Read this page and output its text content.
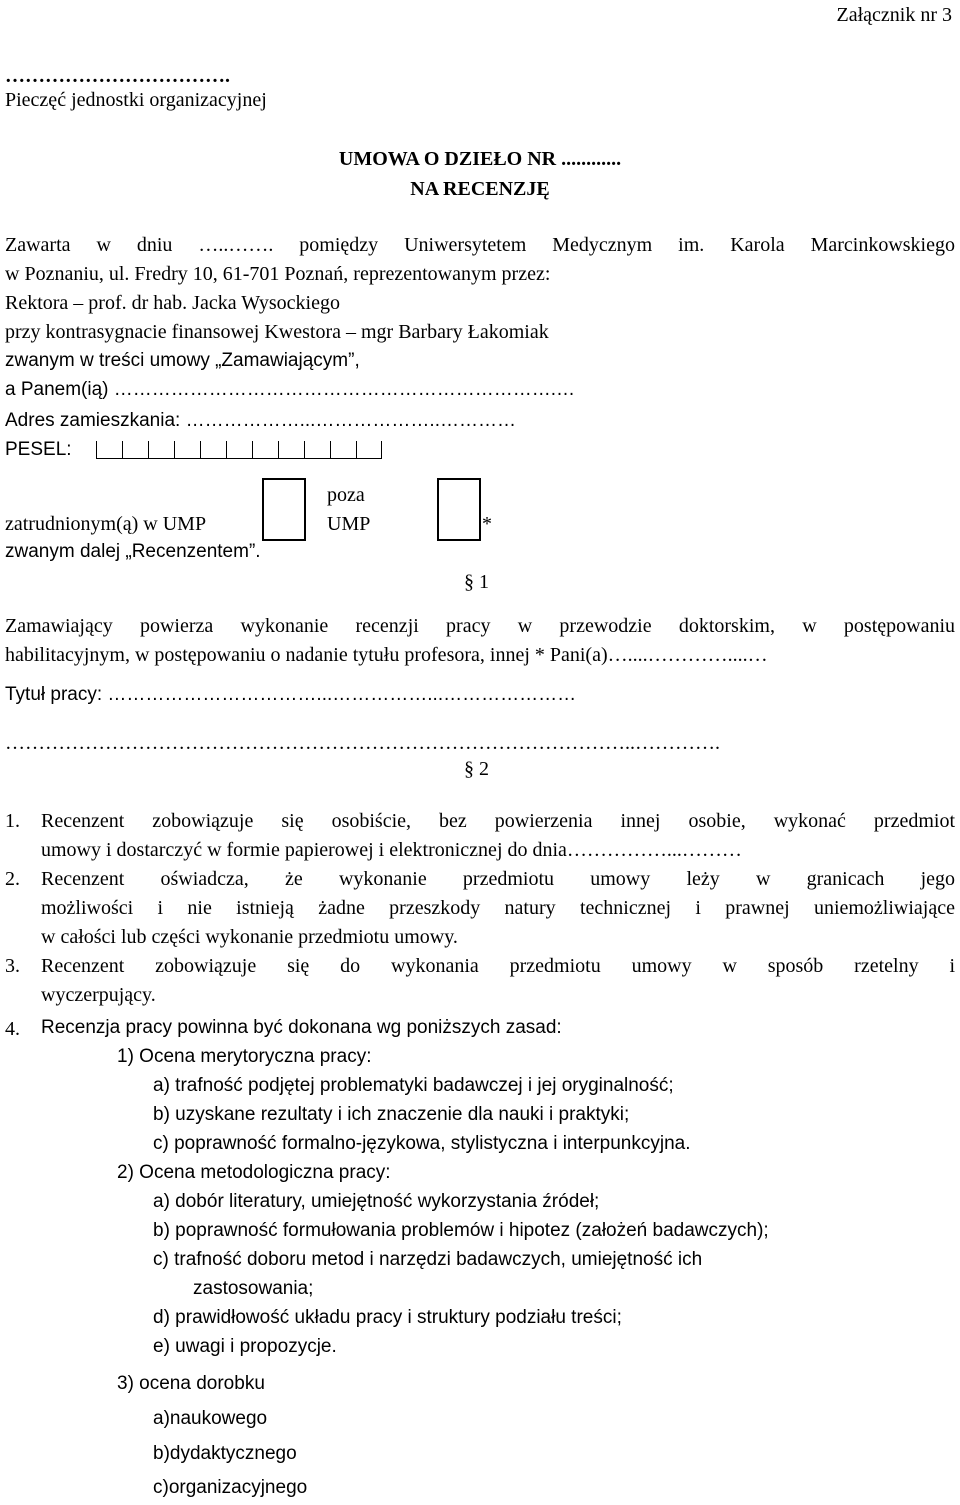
Załącznik nr 3
…………………………….
Pieczęć jednostki organizacyjnej
UMOWA O DZIEŁO NR ............
NA RECENZJĘ
Zawarta w dniu …..……. pomiędzy Uniwersytetem Medycznym im. Karola Marcinkowskiego
w Poznaniu, ul. Fredry 10, 61-701 Poznań, reprezentowanym przez:
Rektora – prof. dr hab. Jacka Wysockiego
przy kontrasygnacie finansowej Kwestora – mgr Barbary Łakomiak
zwanym w treści umowy „Zamawiającym”,
a Panem(ią) …………………………………………………………….…
Adres zamieszkania: ………………...………………..…………
PESEL:
zatrudnionym(ą) w UMP
poza
UMP	*
zwanym dalej „Recenzentem”.
§ 1
Zamawiający powierza wykonanie recenzji pracy w przewodzie doktorskim, w postępowaniu
habilitacyjnym, w postępowaniu o nadanie tytułu profesora, innej * Pani(a)…....…………....…
Tytuł pracy: ……………………………...……………...…………………
…………………………………………………………………………………..………….
§ 2
1. Recenzent zobowiązuje się osobiście, bez powierzenia innej osobie, wykonać przedmiot
umowy i dostarczyć w formie papierowej i elektronicznej do dnia……………...………
2. Recenzent oświadcza, że wykonanie przedmiotu umowy leży w granicach jego
możliwości i nie istnieją żadne przeszkody natury technicznej i prawnej uniemożliwiające
w całości lub części wykonanie przedmiotu umowy.
3. Recenzent zobowiązuje się do wykonania przedmiotu umowy w sposób rzetelny i
wyczerpujący.
4. Recenzja pracy powinna być dokonana wg poniższych zasad:
1) Ocena merytoryczna pracy:
a) trafność podjętej problematyki badawczej i jej oryginalność;
b) uzyskane rezultaty i ich znaczenie dla nauki i praktyki;
c) poprawność formalno-językowa, stylistyczna i interpunkcyjna.
2) Ocena metodologiczna pracy:
a) dobór literatury, umiejętność wykorzystania źródeł;
b) poprawność formułowania problemów i hipotez (założeń badawczych);
c) trafność doboru metod i narzędzi badawczych, umiejętność ich
zastosowania;
d) prawidłowość układu pracy i struktury podziału treści;
e) uwagi i propozycje.
3) ocena dorobku
a)naukowego
b)dydaktycznego
c)organizacyjnego
